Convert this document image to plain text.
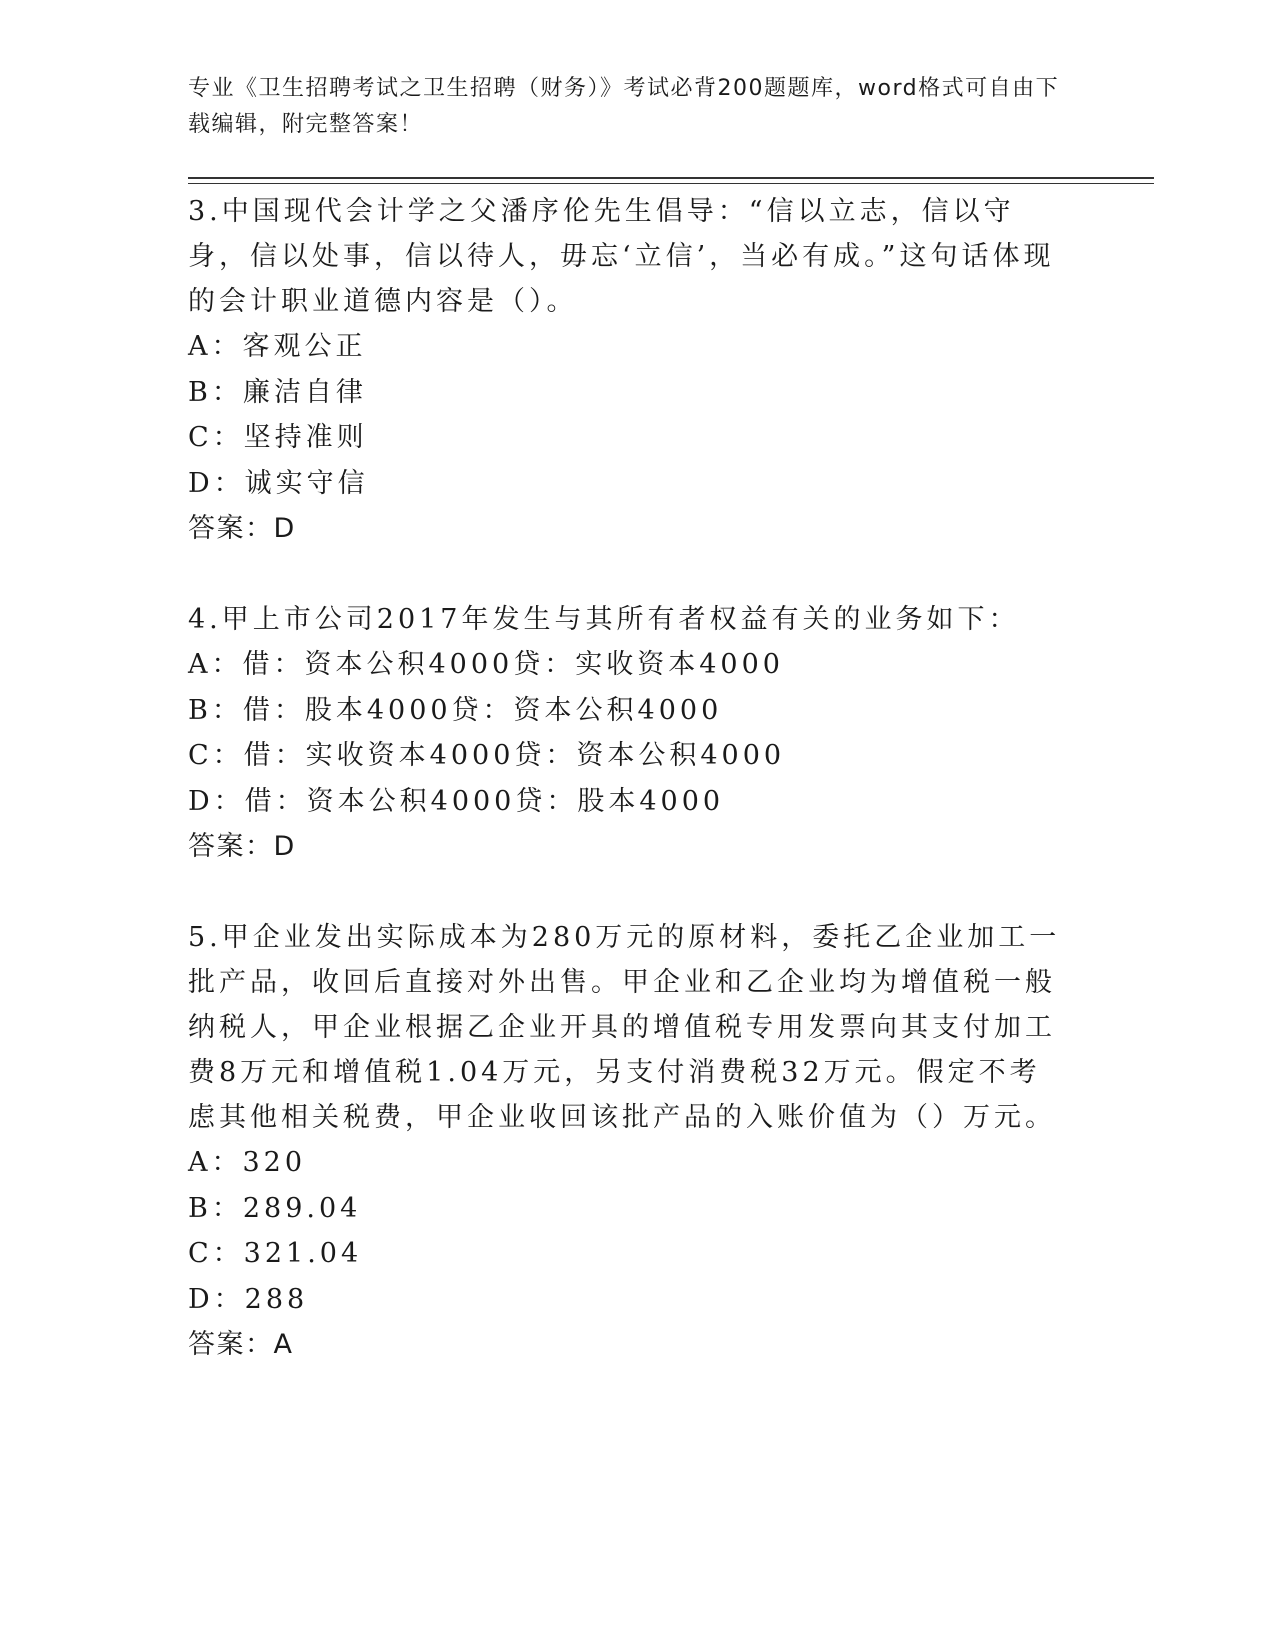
专业《卫生招聘考试之卫生招聘（财务）》考试必背200题题库，word格式可自由下载编辑，附完整答案！

3.中国现代会计学之父潘序伦先生倡导：“信以立志，信以守身，信以处事，信以待人，毋忘‘立信’，当必有成。”这句话体现的会计职业道德内容是（）。

A：客观公正

B：廉洁自律

C：坚持准则

D：诚实守信

答案：D

4.甲上市公司2017年发生与其所有者权益有关的业务如下：

A：借：资本公积4000贷：实收资本4000

B：借：股本4000贷：资本公积4000

C：借：实收资本4000贷：资本公积4000

D：借：资本公积4000贷：股本4000

答案：D

5.甲企业发出实际成本为280万元的原材料，委托乙企业加工一批产品，收回后直接对外出售。甲企业和乙企业均为增值税一般纳税人，甲企业根据乙企业开具的增值税专用发票向其支付加工费8万元和增值税1.04万元，另支付消费税32万元。假定不考虑其他相关税费，甲企业收回该批产品的入账价值为（）万元。

A：320

B：289.04

C：321.04

D：288

答案：A
